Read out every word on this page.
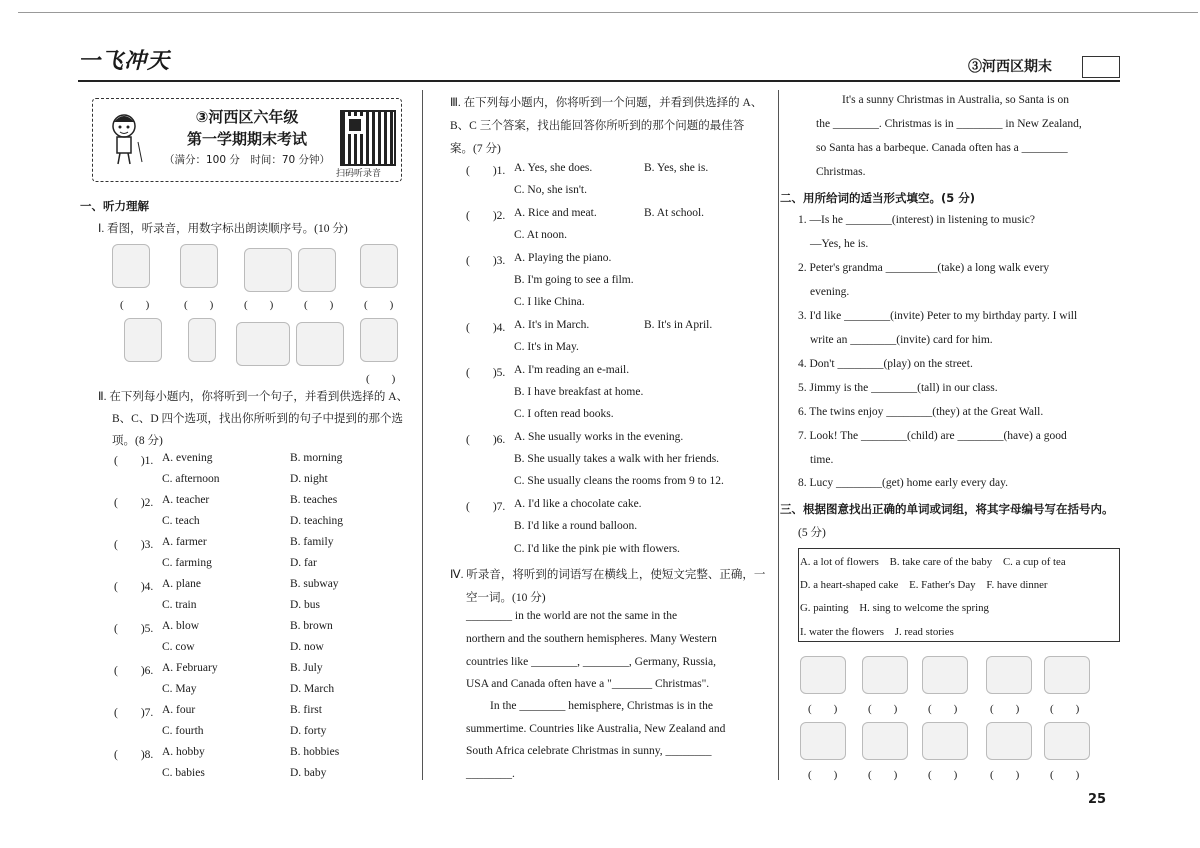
一飞冲天	③河西区期末
③河西区六年级
第一学期期末考试
（满分：100 分　时间：70 分钟）
扫码听录音
一、听力理解
Ⅰ. 看图，听录音，用数字标出朗读顺序号。(10 分)
(　　)	(　　)	(　　)	(　　)	(　　)
(　　)
Ⅱ. 在下列每小题内，你将听到一个句子，并看到供选择的 A、
B、C、D 四个选项，找出你所听到的句子中提到的那个选
项。(8 分)
(　　)1. A. evening	B. morning
C. afternoon	D. night
(　　)2. A. teacher	B. teaches
C. teach	D. teaching
(　　)3. A. farmer	B. family
C. farming	D. far
(　　)4. A. plane	B. subway
C. train	D. bus
(　　)5. A. blow	B. brown
C. cow	D. now
(　　)6. A. February	B. July
C. May	D. March
(　　)7. A. four	B. first
C. fourth	D. forty
(　　)8. A. hobby	B. hobbies
C. babies	D. baby
Ⅲ. 在下列每小题内，你将听到一个问题，并看到供选择的 A、
B、C 三个答案，找出能回答你所听到的那个问题的最佳答
案。(7 分)
(　　)1. A. Yes, she does.	B. Yes, she is.
C. No, she isn't.
(　　)2. A. Rice and meat.	B. At school.
C. At noon.
(　　)3. A. Playing the piano.
B. I'm going to see a film.
C. I like China.
(　　)4. A. It's in March.	B. It's in April.
C. It's in May.
(　　)5. A. I'm reading an e-mail.
B. I have breakfast at home.
C. I often read books.
(　　)6. A. She usually works in the evening.
B. She usually takes a walk with her friends.
C. She usually cleans the rooms from 9 to 12.
(　　)7. A. I'd like a chocolate cake.
B. I'd like a round balloon.
C. I'd like the pink pie with flowers.
Ⅳ. 听录音，将听到的词语写在横线上，使短文完整、正确，一
空一词。(10 分)
________ in the world are not the same in the
northern and the southern hemispheres. Many Western
countries like ________, ________, Germany, Russia,
USA and Canada often have a "_______ Christmas".
In the ________ hemisphere, Christmas is in the
summertime. Countries like Australia, New Zealand and
South Africa celebrate Christmas in sunny, ________
________.
It's a sunny Christmas in Australia, so Santa is on
the ________. Christmas is in ________ in New Zealand,
so Santa has a barbeque. Canada often has a ________
Christmas.
二、用所给词的适当形式填空。(5 分)
1. —Is he ________(interest) in listening to music?
—Yes, he is.
2. Peter's grandma _________(take) a long walk every
evening.
3. I'd like ________(invite) Peter to my birthday party. I will
write an ________(invite) card for him.
4. Don't ________(play) on the street.
5. Jimmy is the ________(tall) in our class.
6. The twins enjoy ________(they) at the Great Wall.
7. Look! The ________(child) are ________(have) a good
time.
8. Lucy ________(get) home early every day.
三、根据图意找出正确的单词或词组，将其字母编号写在括号内。
(5 分)
A. a lot of flowers　B. take care of the baby　C. a cup of tea
D. a heart-shaped cake　E. Father's Day　F. have dinner
G. painting　H. sing to welcome the spring
I. water the flowers　J. read stories
(　　)	(　　)	(　　)	(　　)	(　　)
(　　)	(　　)	(　　)	(　　)	(　　)
25
